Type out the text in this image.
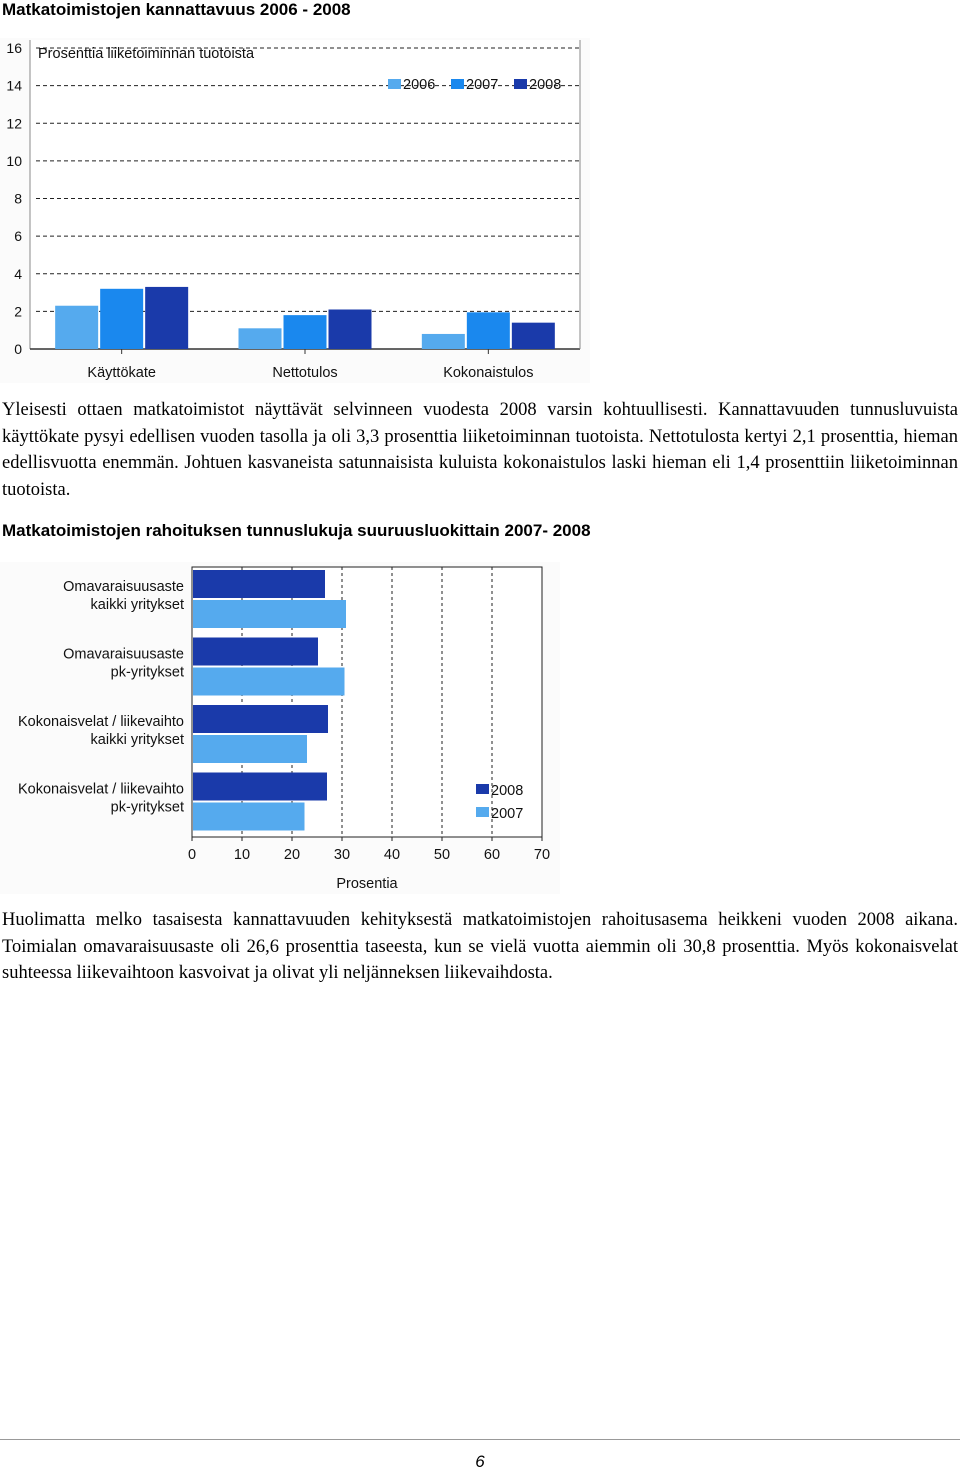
Matkatoimistojen kannattavuus 2006 - 2008
0
2
4
6
8
10
12
14
16 Prosenttia liiketoiminnan tuotoista
Käyttökate	Nettotulos	Kokonaistulos
2006 2007 2008

Yleisesti ottaen matkatoimistot näyttävät selvinneen vuodesta 2008 varsin kohtuullisesti. Kannattavuuden tunnusluvuista käyttökate pysyi edellisen vuoden tasolla ja oli 3,3 prosenttia liiketoiminnan tuotoista. Nettotulosta kertyi 2,1 prosenttia, hieman edellisvuotta enemmän. Johtuen kasvaneista satunnaisista kuluista kokonaistulos laski hieman eli 1,4 prosenttiin liiketoiminnan tuotoista.

Matkatoimistojen rahoituksen tunnuslukuja suuruusluokittain 2007- 2008
0	10 20 30 40 50 60 70
Omavaraisuusaste
kaikki yritykset
Omavaraisuusaste
pk-yritykset
Kokonaisvelat / liikevaihto
kaikki yritykset
Kokonaisvelat / liikevaihto
pk-yritykset
Prosentia
2008
2007

Huolimatta melko tasaisesta kannattavuuden kehityksestä matkatoimistojen rahoitusasema heikkeni vuoden 2008 aikana. Toimialan omavaraisuusaste oli 26,6 prosenttia taseesta, kun se vielä vuotta aiemmin oli 30,8 prosenttia. Myös kokonaisvelat suhteessa liikevaihtoon kasvoivat ja olivat yli neljänneksen liikevaihdosta.

6
